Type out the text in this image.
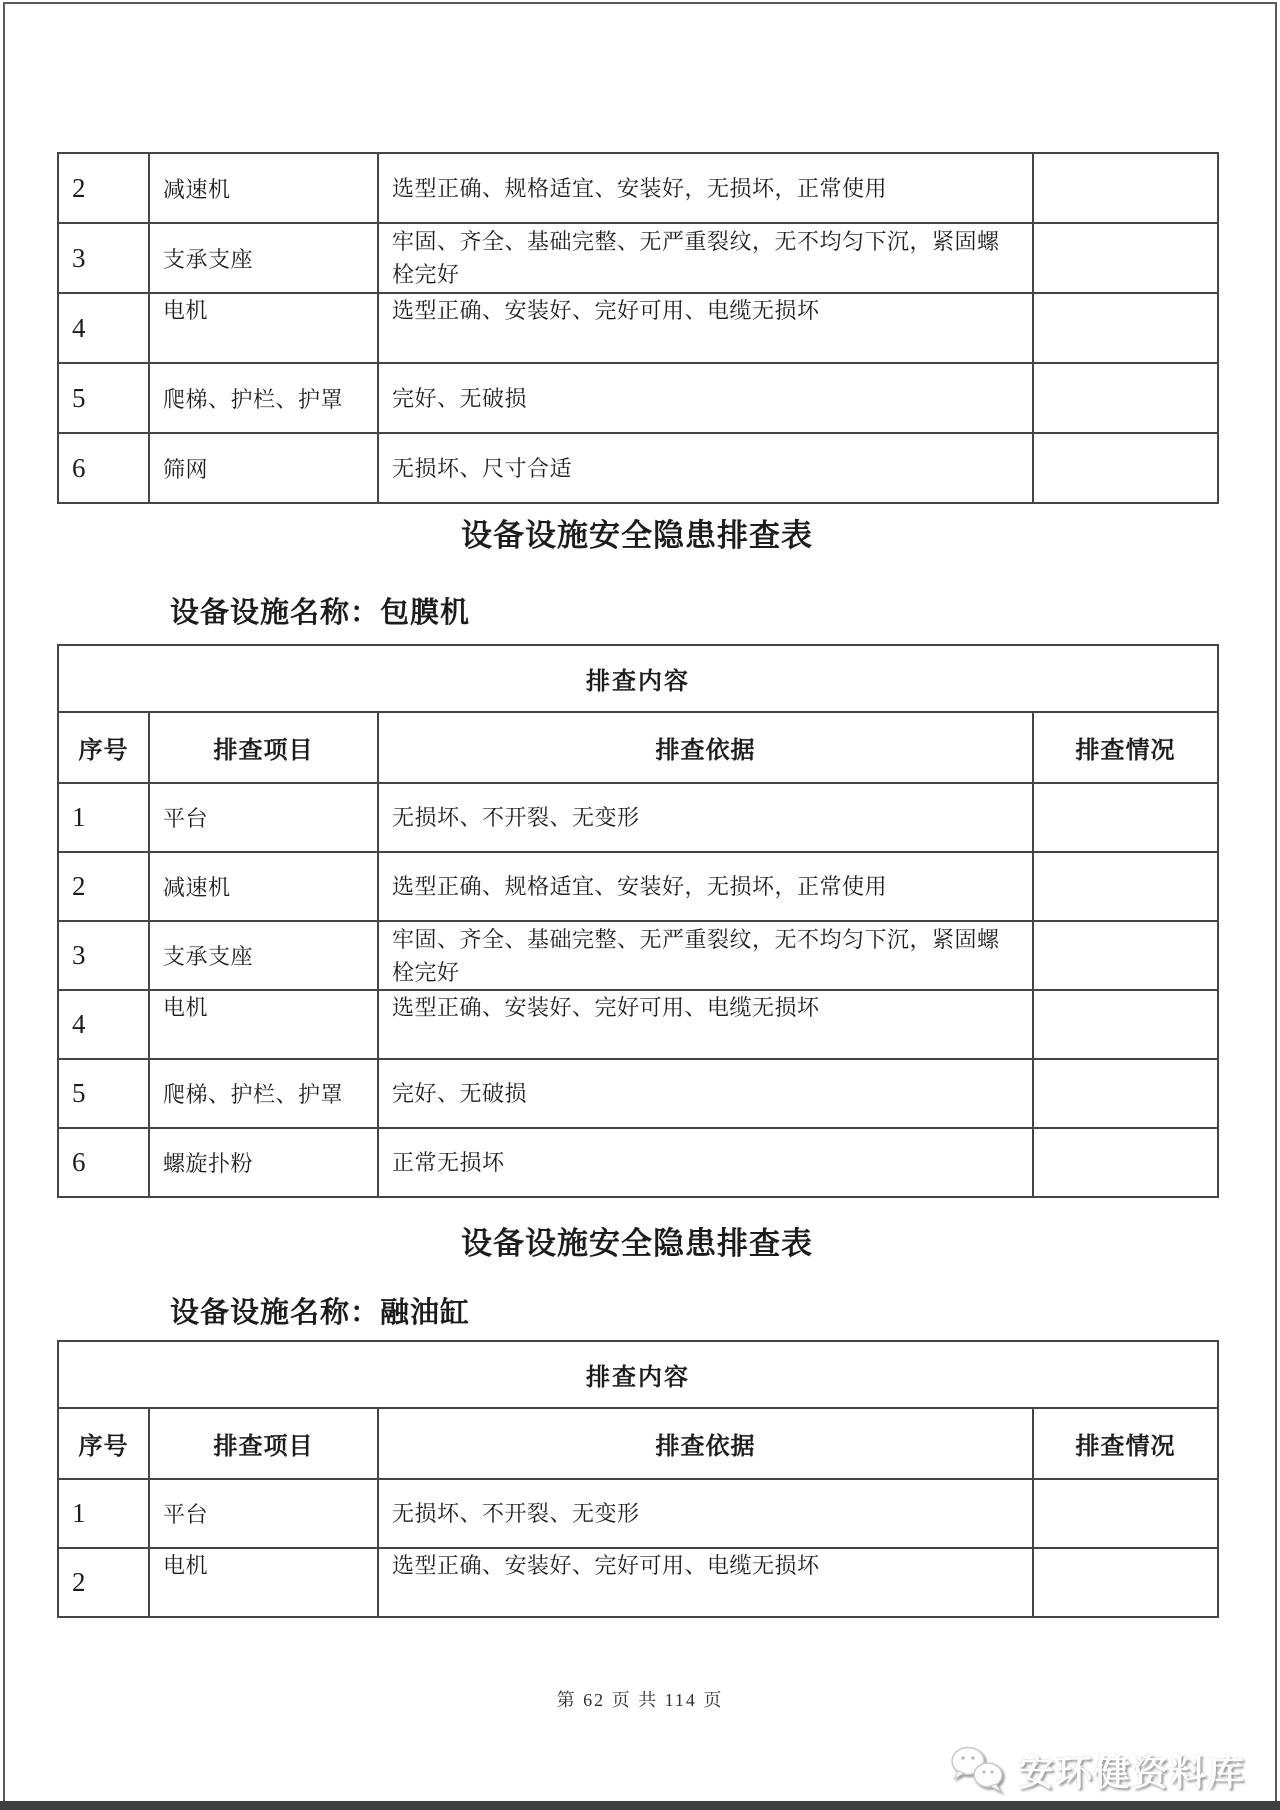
2	减速机	选型正确、规格适宜、安装好，无损坏，正常使用	
3	支承支座	牢固、齐全、基础完整、无严重裂纹，无不均匀下沉，紧固螺栓完好	
4	电机	选型正确、安装好、完好可用、电缆无损坏	
5	爬梯、护栏、护罩	完好、无破损	
6	筛网	无损坏、尺寸合适	
设备设施安全隐患排查表
设备设施名称：包膜机
排查内容			
序号	排查项目	排查依据	排查情况
1	平台	无损坏、不开裂、无变形	
2	减速机	选型正确、规格适宜、安装好，无损坏，正常使用	
3	支承支座	牢固、齐全、基础完整、无严重裂纹，无不均匀下沉，紧固螺栓完好	
4	电机	选型正确、安装好、完好可用、电缆无损坏	
5	爬梯、护栏、护罩	完好、无破损	
6	螺旋扑粉	正常无损坏	
设备设施安全隐患排查表
设备设施名称：融油缸
排查内容			
序号	排查项目	排查依据	排查情况
1	平台	无损坏、不开裂、无变形	
2	电机	选型正确、安装好、完好可用、电缆无损坏	
第 62 页 共 114 页
安环健资料库
